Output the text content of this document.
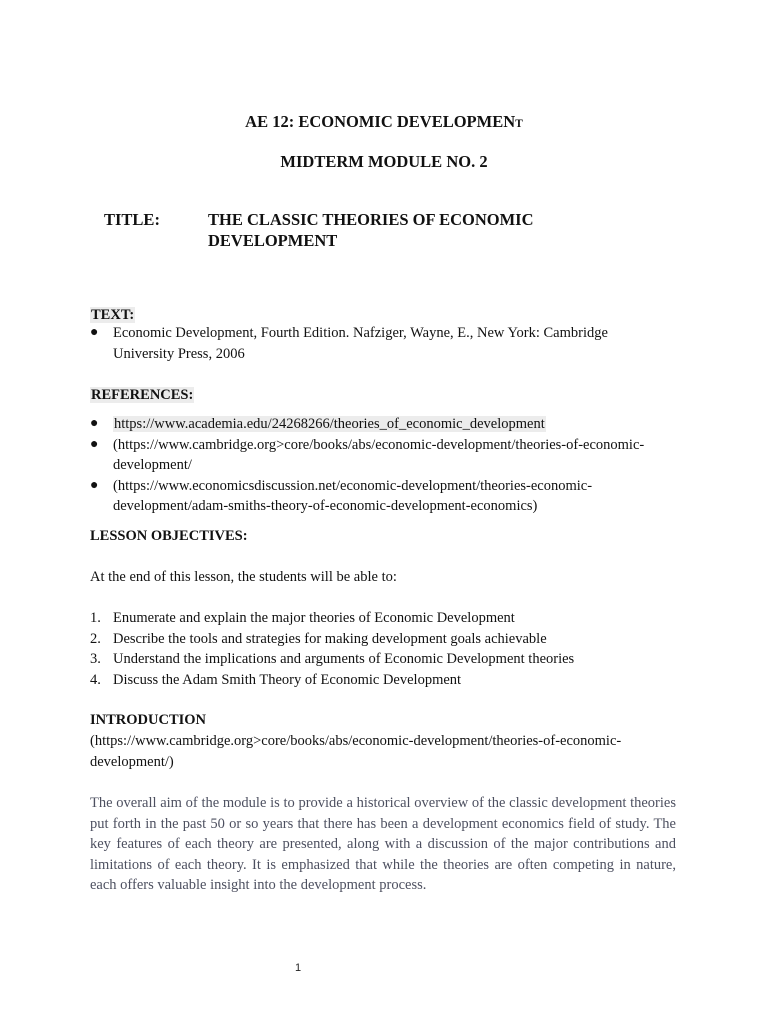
AE 12: ECONOMIC DEVELOPMENT
MIDTERM MODULE NO. 2
TITLE:	THE CLASSIC THEORIES OF ECONOMIC
DEVELOPMENT
TEXT:
● Economic Development, Fourth Edition. Nafziger, Wayne, E., New York: Cambridge
University Press, 2006
REFERENCES:
● https://www.academia.edu/24268266/theories_of_economic_development
● (https://www.cambridge.org>core/books/abs/economic-development/theories-of-economic-
development/
● (https://www.economicsdiscussion.net/economic-development/theories-economic-
development/adam-smiths-theory-of-economic-development-economics)
LESSON OBJECTIVES:
At the end of this lesson, the students will be able to:
1. Enumerate and explain the major theories of Economic Development
2. Describe the tools and strategies for making development goals achievable
3. Understand the implications and arguments of Economic Development theories
4. Discuss the Adam Smith Theory of Economic Development
INTRODUCTION
(https://www.cambridge.org>core/books/abs/economic-development/theories-of-economic-
development/)

The overall aim of the module is to provide a historical overview of the classic development theories put forth in the past 50 or so years that there has been a development economics field of study. The key features of each theory are presented, along with a discussion of the major contributions and limitations of each theory. It is emphasized that while the theories are often competing in nature, each offers valuable insight into the development process.

1
